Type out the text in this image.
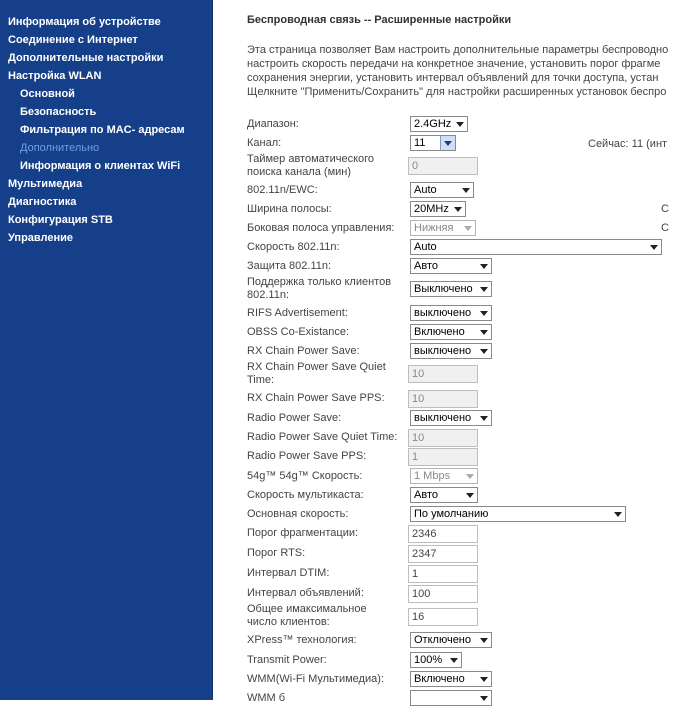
Информация об устройстве
Соединение с Интернет
Дополнительные настройки
Настройка WLAN
Основной
Безопасность
Фильтрация по MAC- адресам
Дополнительно
Информация о клиентах WiFi
Мультимедиа
Диагностика
Конфигурация STB
Управление
Беспроводная связь -- Расширенные настройки
Эта страница позволяет Вам настроить дополнительные параметры беспроводно
настроить скорость передачи на конкретное значение, установить порог фрагме
сохранения энергии, установить интервал объявлений для точки доступа, устан
Щелкните "Применить/Сохранить" для настройки расширенных установок беспро
Диапазон:	2.4GHz
Канал:	11	Сейчас: 11 (инт
Таймер автоматического поиска канала (мин)	0
802.11n/EWC:	Auto
Ширина полосы:	20MHz	С
Боковая полоса управления:	Нижняя	С
Скорость 802.11n:	Auto
Защита 802.11n:	Авто
Поддержка только клиентов 802.11n:	Выключено
RIFS Advertisement:	выключено
OBSS Co-Existance:	Включено
RX Chain Power Save:	выключено
RX Chain Power Save Quiet Time:	10
RX Chain Power Save PPS:	10
Radio Power Save:	выключено
Radio Power Save Quiet Time:	10
Radio Power Save PPS:	1
54g™ 54g™ Скорость:	1 Mbps
Скорость мультикаста:	Авто
Основная скорость:	По умолчанию
Порог фрагментации:	2346
Порог RTS:	2347
Интервал DTIM:	1
Интервал объявлений:	100
Общее имаксимальное число клиентов:	16
XPress™ технология:	Отключено
Transmit Power:	100%
WMM(Wi-Fi Мультимедиа):	Включено
WMM б
